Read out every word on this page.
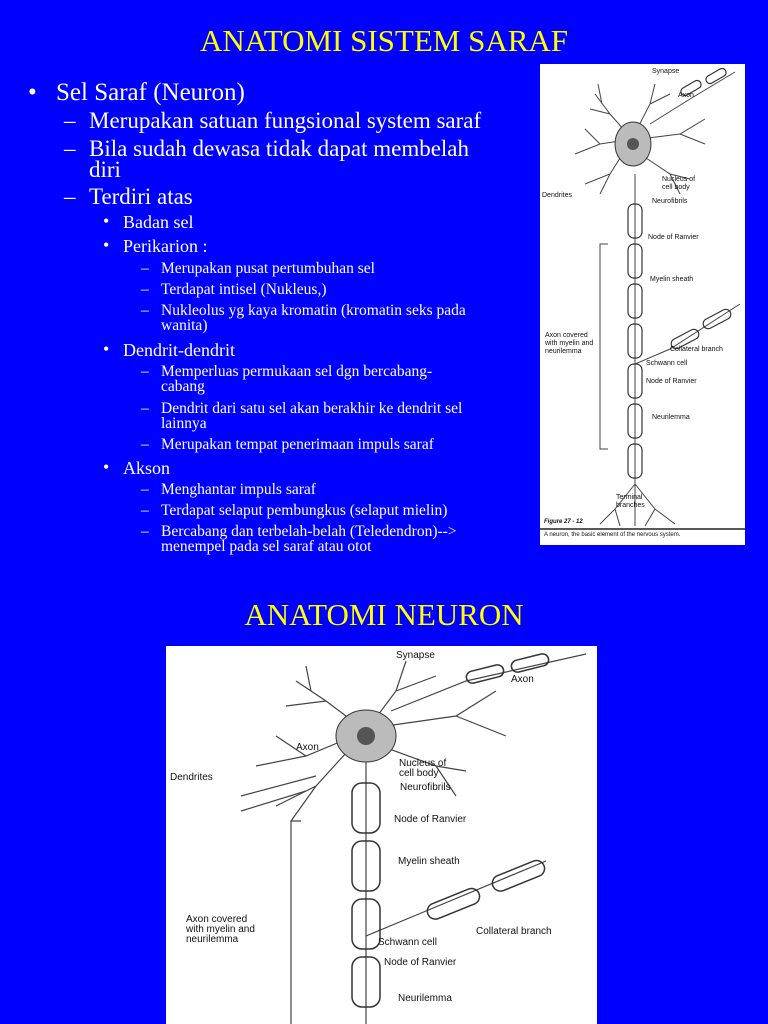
ANATOMI SISTEM SARAF
• Sel Saraf (Neuron)
– Merupakan satuan fungsional system saraf
– Bila sudah dewasa tidak dapat membelah
diri
– Terdiri atas
• Badan sel
• Perikarion :
– Merupakan pusat pertumbuhan sel
– Terdapat intisel (Nukleus,)
– Nukleolus yg kaya kromatin (kromatin seks pada
wanita)
• Dendrit-dendrit
– Memperluas permukaan sel dgn bercabang-
cabang
– Dendrit dari satu sel akan berakhir ke dendrit sel
lainnya
– Merupakan tempat penerimaan impuls saraf
• Akson
– Menghantar impuls saraf
– Terdapat selaput pembungkus (selaput mielin)
– Bercabang dan terbelah-belah (Teledendron)-->
menempel pada sel saraf atau otot
Synapse
Axon
Dendrites
Nucleus of
cell body
Neurofibrils
Node of Ranvier
Myelin sheath
Axon covered
with myelin and
neurilemma	Collateral branch
Schwann cell
Node of Ranvier
Neurilemma
Terminal
branches
Figure 27 - 12
A neuron, the basic element of the nervous system.
ANATOMI NEURON
Synapse
Axon
Axon
Nucleus of
cell body
Dendrites
Neurofibrils
Node of Ranvier
Myelin sheath
Axon covered
with myelin and
neurilemma
Collateral branch
Schwann cell
Node of Ranvier
Neurilemma
